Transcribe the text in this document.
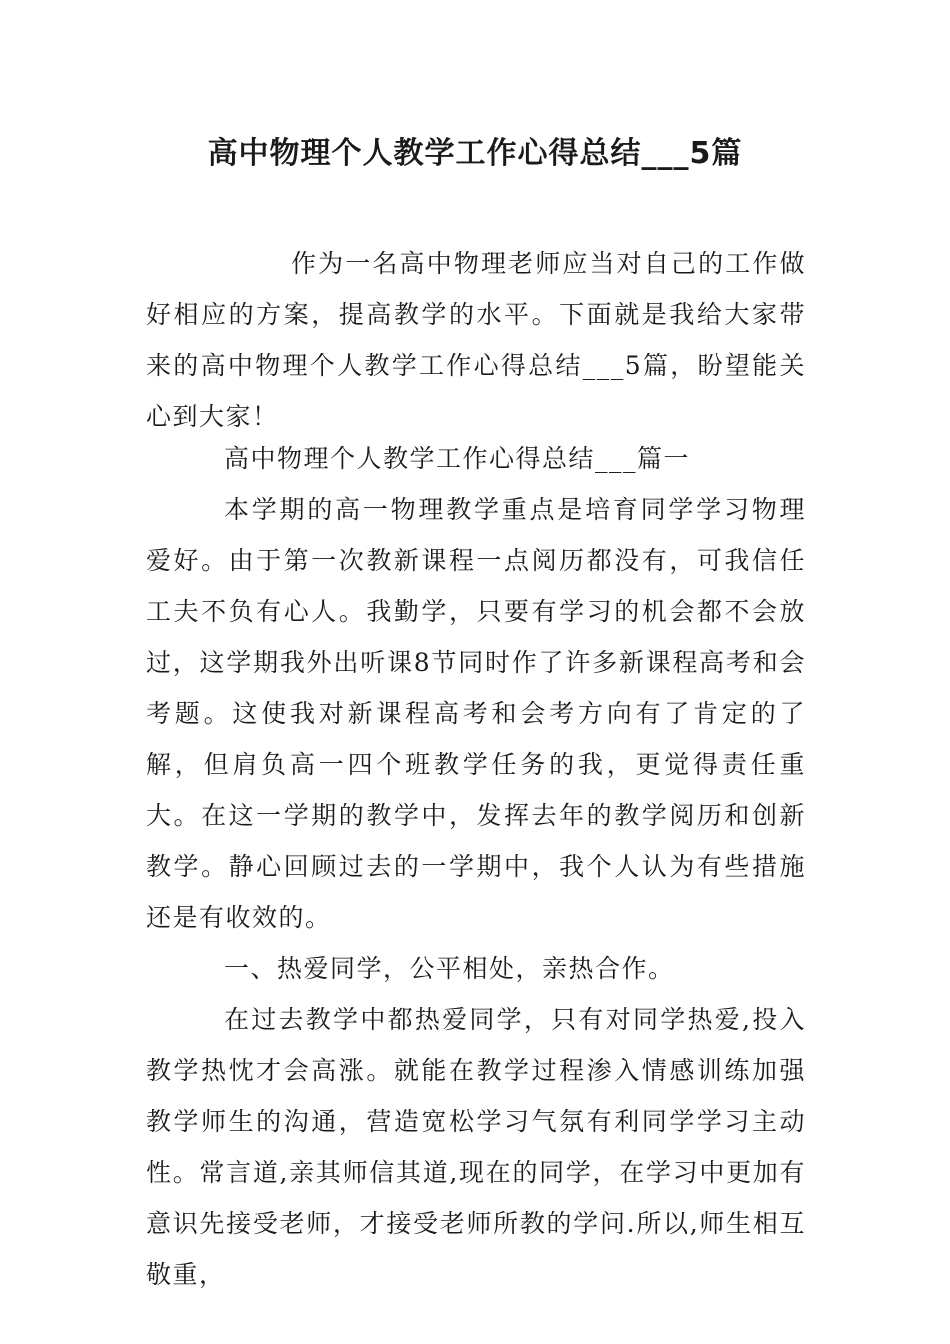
高中物理个人教学工作心得总结___5篇

作为一名高中物理老师应当对自己的工作做好相应的方案，提高教学的水平。下面就是我给大家带来的高中物理个人教学工作心得总结___5篇，盼望能关心到大家！

高中物理个人教学工作心得总结___篇一

本学期的高一物理教学重点是培育同学学习物理爱好。由于第一次教新课程一点阅历都没有，可我信任工夫不负有心人。我勤学，只要有学习的机会都不会放过，这学期我外出听课8节同时作了许多新课程高考和会考题。这使我对新课程高考和会考方向有了肯定的了解，但肩负高一四个班教学任务的我，更觉得责任重大。在这一学期的教学中，发挥去年的教学阅历和创新教学。静心回顾过去的一学期中，我个人认为有些措施还是有收效的。

一、热爱同学，公平相处，亲热合作。

在过去教学中都热爱同学，只有对同学热爱,投入教学热忱才会高涨。就能在教学过程渗入情感训练加强教学师生的沟通，营造宽松学习气氛有利同学学习主动性。常言道,亲其师信其道,现在的同学，在学习中更加有意识先接受老师，才接受老师所教的学问.所以,师生相互敬重，
